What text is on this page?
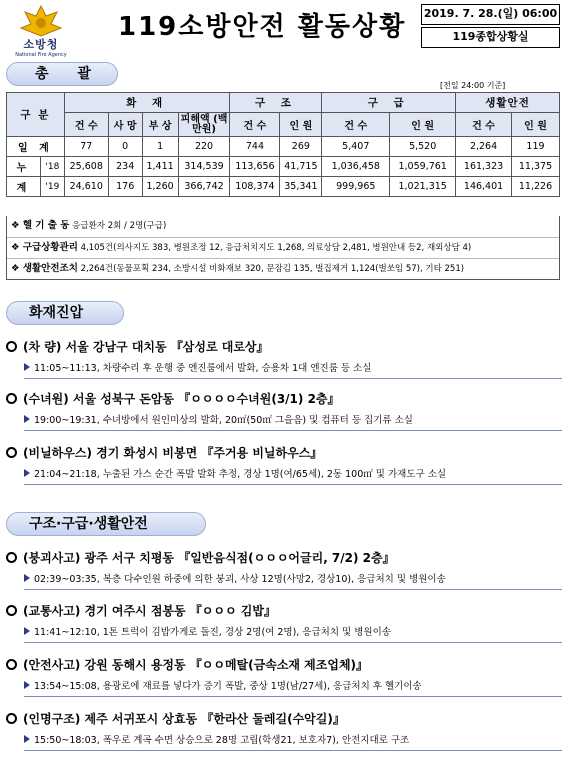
소방청
National Fire Agency
119소방안전 활동상황 2019. 7. 28.(일) 06:00
119종합상황실
총 괄
[전일 24:00 기준]
구 분		화 재				구 조		구 급		생활안전	
		건 수	사 망	부 상	피해액 (백만원)	건 수	인 원	건 수	인 원	건 수	인 원
일 계		77	0	1	220	744	269	5,407	5,520	2,264	119
누	'18	25,608	234	1,411	314,539	113,656	41,715	1,036,458	1,059,761	161,323	11,375
계	'19	24,610	176	1,260	366,742	108,374	35,341	999,965	1,021,315	146,401	11,226
❖ 헬 기 출 동 응급환자 2회 / 2명(구급)
❖ 구급상황관리 4,105건(의사지도 383, 병원조정 12, 응급처치지도 1,268, 의료상담 2,481, 병원안내 등2, 재외상담 4)
❖ 생활안전조치 2,264건(동물포획 234, 소방시설 비화재보 320, 문잠김 135, 벌집제거 1,124(벌쏘임 57), 기타 251)
화재진압
(차 량) 서울 강남구 대치동 『삼성로 대로상』
11:05~11:13, 차량수리 후 운행 중 엔진룸에서 발화, 승용차 1대 엔진룸 등 소실
(수녀원) 서울 성북구 돈암동 『ㅇㅇㅇㅇ수녀원(3/1) 2층』
19:00~19:31, 수녀방에서 원인미상의 발화, 20㎡(50㎡ 그을음) 및 컴퓨터 등 집기류 소실
(비닐하우스) 경기 화성시 비봉면 『주거용 비닐하우스』
21:04~21:18, 누출된 가스 순간 폭발 발화 추정, 경상 1명(여/65세), 2동 100㎡ 및 가재도구 소실
구조·구급·생활안전
(붕괴사고) 광주 서구 치평동 『일반음식점(ㅇㅇㅇ어글리, 7/2) 2층』
02:39~03:35, 복층 다수인원 하중에 의한 붕괴, 사상 12명(사망2, 경상10), 응급처치 및 병원이송
(교통사고) 경기 여주시 점봉동 『ㅇㅇㅇ 김밥』
11:41~12:10, 1톤 트럭이 김밥가게로 돌진, 경상 2명(여 2명), 응급처치 및 병원이송
(안전사고) 강원 동해시 용정동 『ㅇㅇ메탈(금속소재 제조업체)』
13:54~15:08, 용광로에 재료를 넣다가 증기 폭발, 중상 1명(남/27세), 응급처치 후 헬기이송
(인명구조) 제주 서귀포시 상효동 『한라산 둘레길(수악길)』
15:50~18:03, 폭우로 계곡 수면 상승으로 28명 고립(학생21, 보호자7), 안전지대로 구조
